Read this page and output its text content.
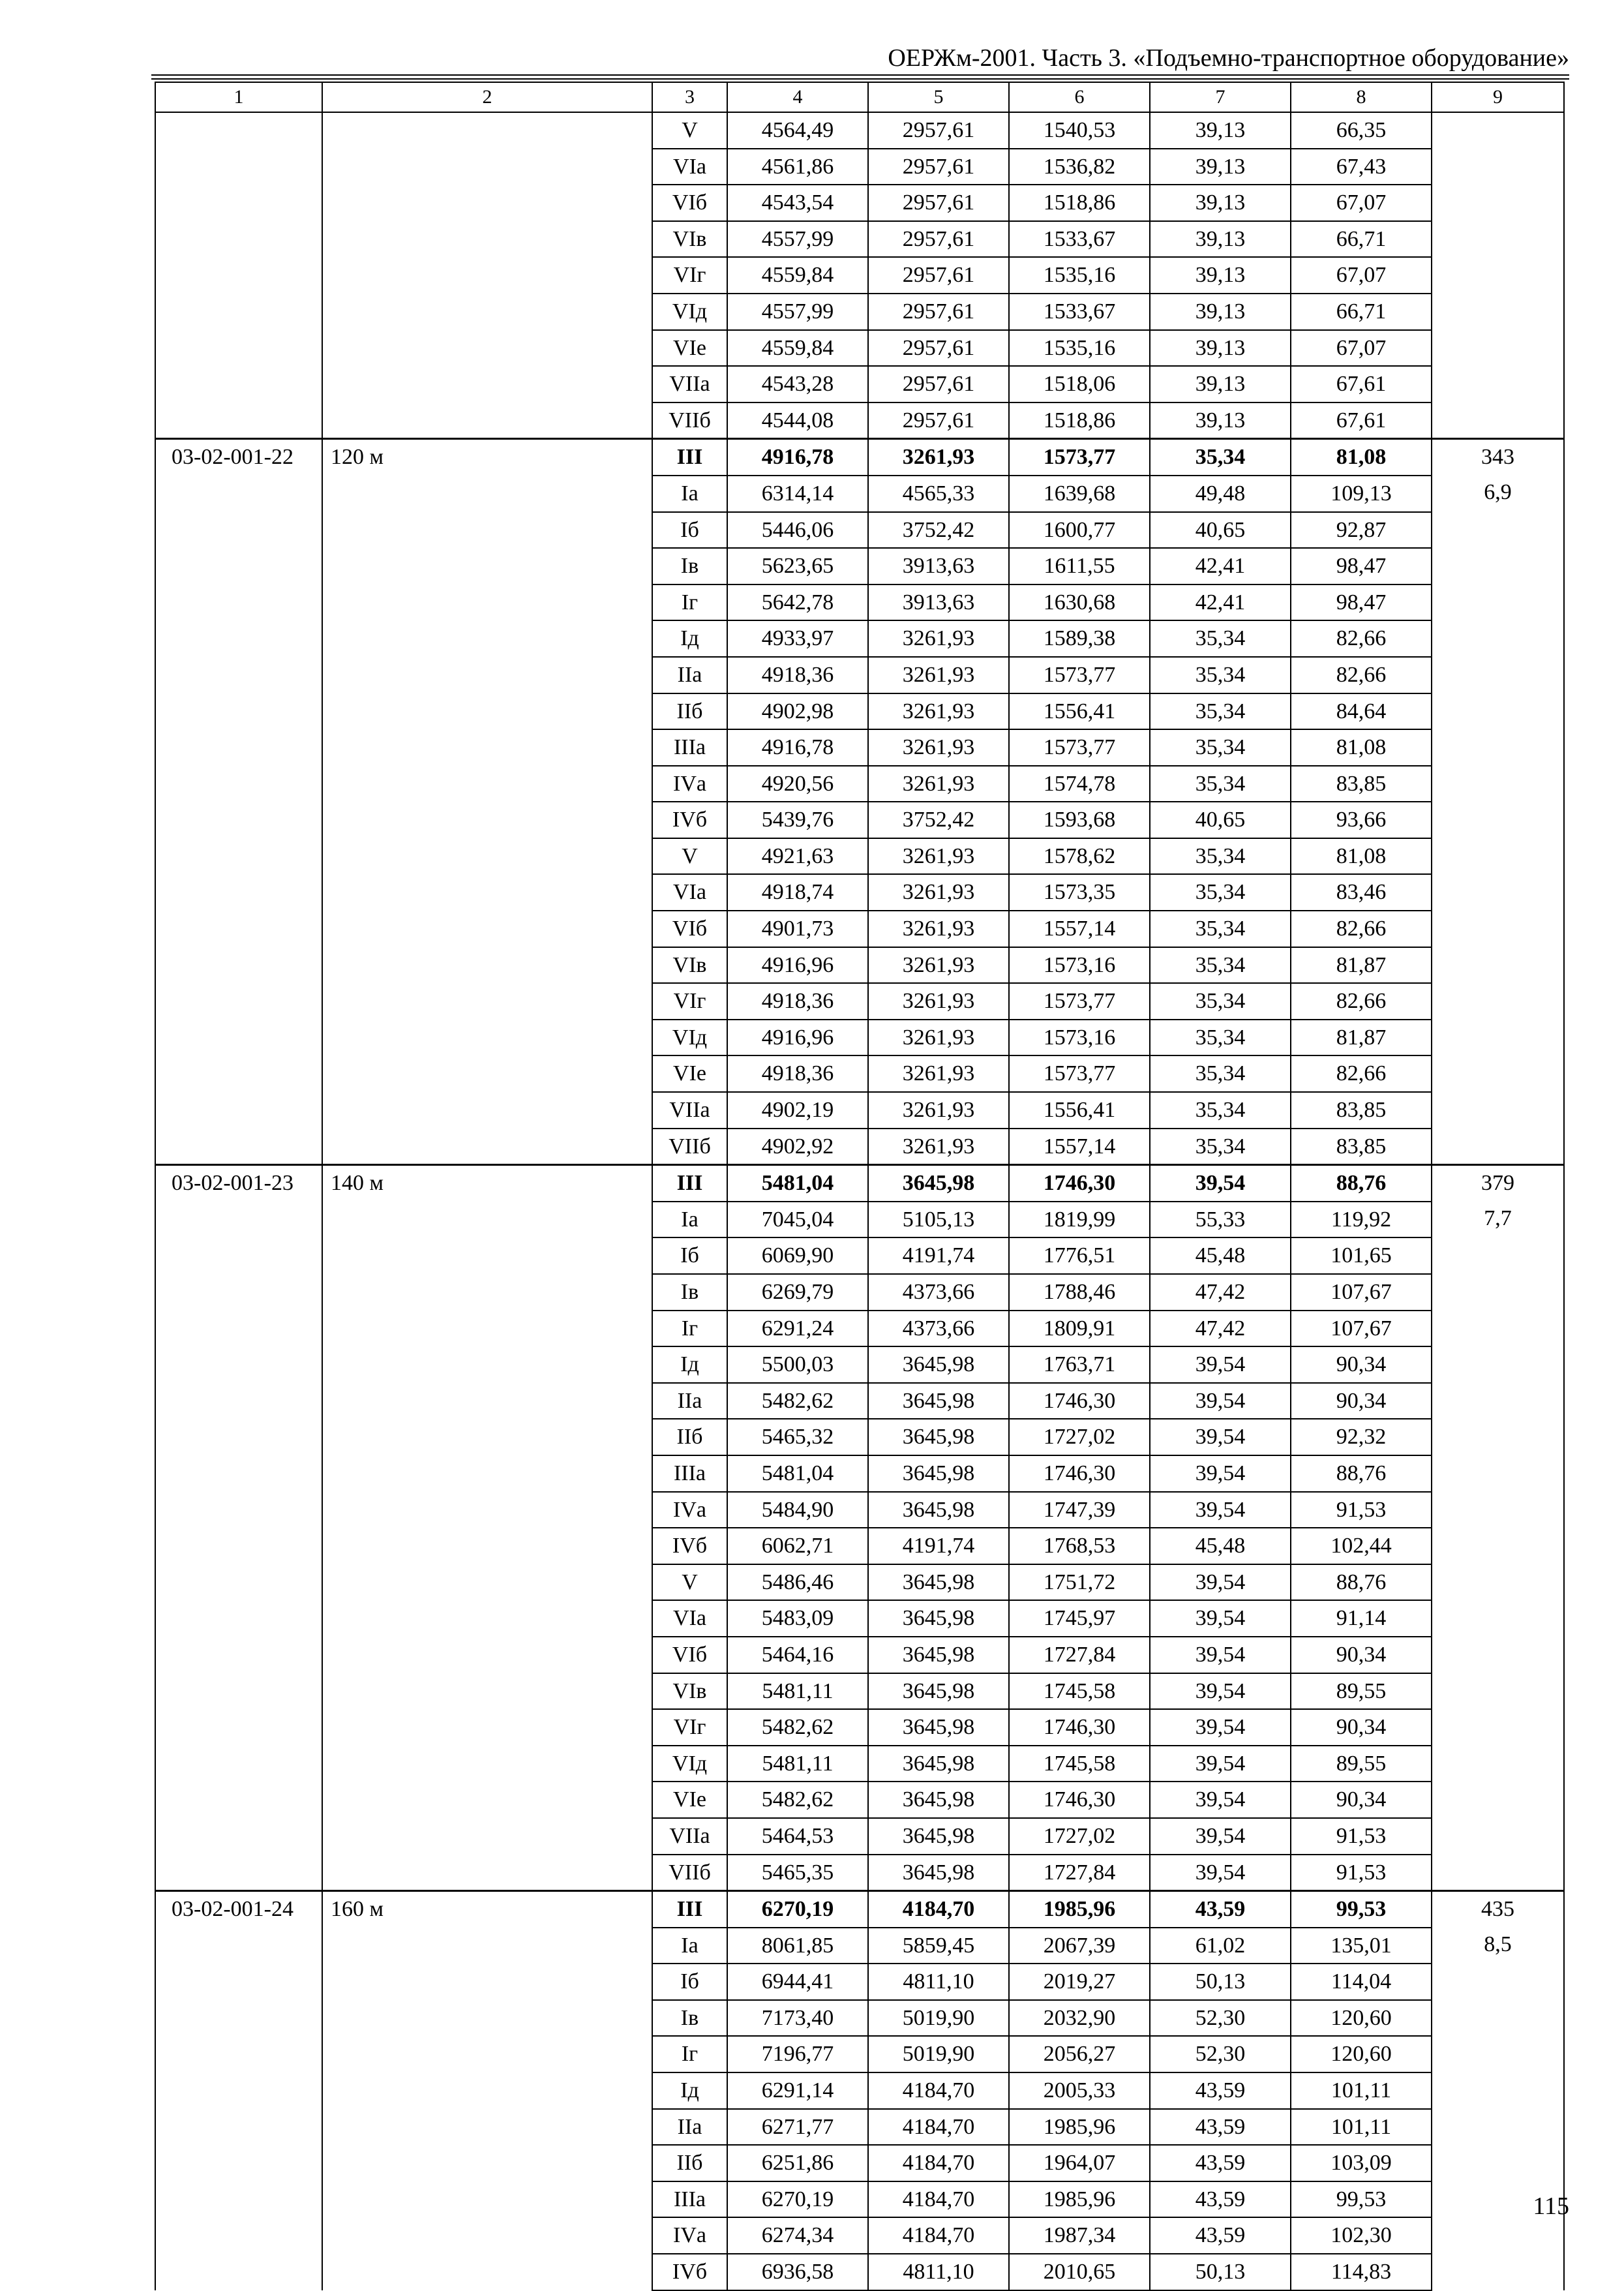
ОЕРЖм-2001. Часть 3. «Подъемно-транспортное оборудование»
1	2	3	4	5	6	7	8	9
		V	4564,49	2957,61	1540,53	39,13	66,35	
		VIа	4561,86	2957,61	1536,82	39,13	67,43	
		VIб	4543,54	2957,61	1518,86	39,13	67,07	
		VIв	4557,99	2957,61	1533,67	39,13	66,71	
		VIг	4559,84	2957,61	1535,16	39,13	67,07	
		VIд	4557,99	2957,61	1533,67	39,13	66,71	
		VIе	4559,84	2957,61	1535,16	39,13	67,07	
		VIIа	4543,28	2957,61	1518,06	39,13	67,61	
		VIIб	4544,08	2957,61	1518,86	39,13	67,61	
03-02-001-22	120 м	III	4916,78	3261,93	1573,77	35,34	81,08	343
6,9

		Iа	6314,14	4565,33	1639,68	49,48	109,13	
		Iб	5446,06	3752,42	1600,77	40,65	92,87	
		Iв	5623,65	3913,63	1611,55	42,41	98,47	
		Iг	5642,78	3913,63	1630,68	42,41	98,47	
		Iд	4933,97	3261,93	1589,38	35,34	82,66	
		IIа	4918,36	3261,93	1573,77	35,34	82,66	
		IIб	4902,98	3261,93	1556,41	35,34	84,64	
		IIIа	4916,78	3261,93	1573,77	35,34	81,08	
		IVа	4920,56	3261,93	1574,78	35,34	83,85	
		IVб	5439,76	3752,42	1593,68	40,65	93,66	
		V	4921,63	3261,93	1578,62	35,34	81,08	
		VIа	4918,74	3261,93	1573,35	35,34	83,46	
		VIб	4901,73	3261,93	1557,14	35,34	82,66	
		VIв	4916,96	3261,93	1573,16	35,34	81,87	
		VIг	4918,36	3261,93	1573,77	35,34	82,66	
		VIд	4916,96	3261,93	1573,16	35,34	81,87	
		VIе	4918,36	3261,93	1573,77	35,34	82,66	
		VIIа	4902,19	3261,93	1556,41	35,34	83,85	
		VIIб	4902,92	3261,93	1557,14	35,34	83,85	
03-02-001-23	140 м	III	5481,04	3645,98	1746,30	39,54	88,76	379
7,7

		Iа	7045,04	5105,13	1819,99	55,33	119,92	
		Iб	6069,90	4191,74	1776,51	45,48	101,65	
		Iв	6269,79	4373,66	1788,46	47,42	107,67	
		Iг	6291,24	4373,66	1809,91	47,42	107,67	
		Iд	5500,03	3645,98	1763,71	39,54	90,34	
		IIа	5482,62	3645,98	1746,30	39,54	90,34	
		IIб	5465,32	3645,98	1727,02	39,54	92,32	
		IIIа	5481,04	3645,98	1746,30	39,54	88,76	
		IVа	5484,90	3645,98	1747,39	39,54	91,53	
		IVб	6062,71	4191,74	1768,53	45,48	102,44	
		V	5486,46	3645,98	1751,72	39,54	88,76	
		VIа	5483,09	3645,98	1745,97	39,54	91,14	
		VIб	5464,16	3645,98	1727,84	39,54	90,34	
		VIв	5481,11	3645,98	1745,58	39,54	89,55	
		VIг	5482,62	3645,98	1746,30	39,54	90,34	
		VIд	5481,11	3645,98	1745,58	39,54	89,55	
		VIе	5482,62	3645,98	1746,30	39,54	90,34	
		VIIа	5464,53	3645,98	1727,02	39,54	91,53	
		VIIб	5465,35	3645,98	1727,84	39,54	91,53	
03-02-001-24	160 м	III	6270,19	4184,70	1985,96	43,59	99,53	435
8,5

		Iа	8061,85	5859,45	2067,39	61,02	135,01	
		Iб	6944,41	4811,10	2019,27	50,13	114,04	
		Iв	7173,40	5019,90	2032,90	52,30	120,60	
		Iг	7196,77	5019,90	2056,27	52,30	120,60	
		Iд	6291,14	4184,70	2005,33	43,59	101,11	
		IIа	6271,77	4184,70	1985,96	43,59	101,11	
		IIб	6251,86	4184,70	1964,07	43,59	103,09	
		IIIа	6270,19	4184,70	1985,96	43,59	99,53	
		IVа	6274,34	4184,70	1987,34	43,59	102,30	
		IVб	6936,58	4811,10	2010,65	50,13	114,83	
115
